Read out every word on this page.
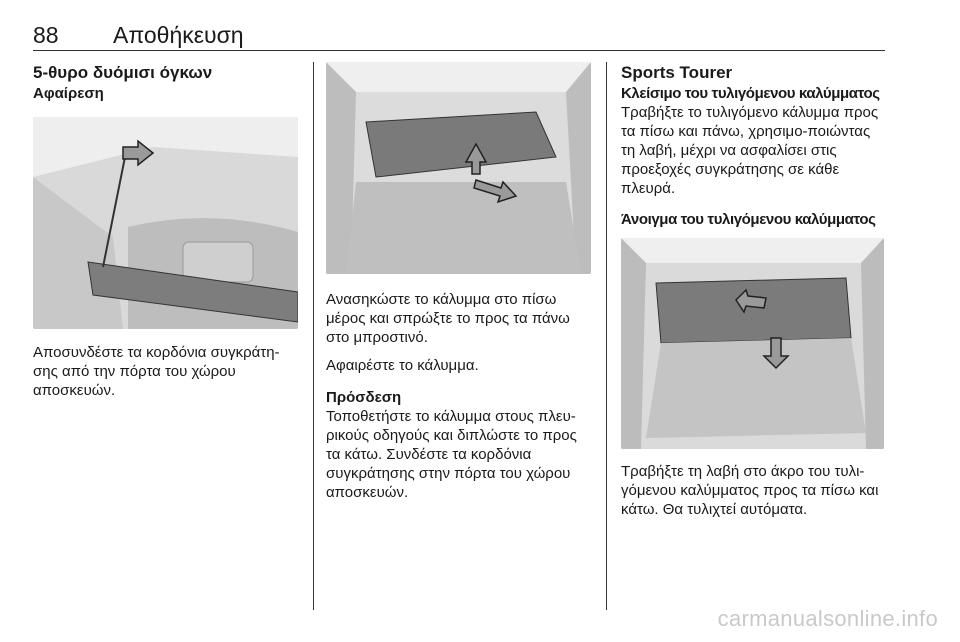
88 Αποθήκευση

5-θυρο δυόμισι όγκων

Αφαίρεση

Αποσυνδέστε τα κορδόνια συγκράτη-σης από την πόρτα του χώρου αποσκευών.

Ανασηκώστε το κάλυμμα στο πίσω μέρος και σπρώξτε το προς τα πάνω στο μπροστινό.

Αφαιρέστε το κάλυμμα.

Πρόσδεση

Τοποθετήστε το κάλυμμα στους πλευ-ρικούς οδηγούς και διπλώστε το προς τα κάτω. Συνδέστε τα κορδόνια συγκράτησης στην πόρτα του χώρου αποσκευών.

Sports Tourer

Κλείσιμο του τυλιγόμενου καλύμματος

Τραβήξτε το τυλιγόμενο κάλυμμα προς τα πίσω και πάνω, χρησιμο-ποιώντας τη λαβή, μέχρι να ασφαλίσει στις προεξοχές συγκράτησης σε κάθε πλευρά.

Άνοιγμα του τυλιγόμενου καλύμματος

Τραβήξτε τη λαβή στο άκρο του τυλι-γόμενου καλύμματος προς τα πίσω και κάτω. Θα τυλιχτεί αυτόματα.

carmanualsonline.info
